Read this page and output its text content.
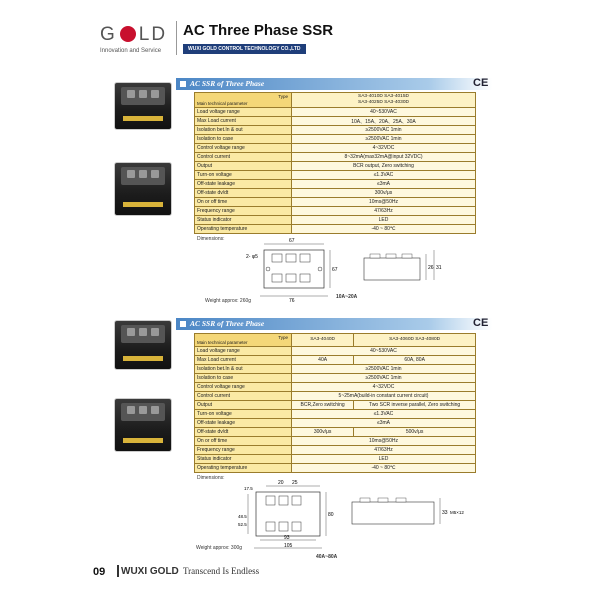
G LD
Innovation and Service
AC Three Phase SSR
WUXI GOLD CONTROL TECHNOLOGY CO.,LTD
AC SSR of Three Phase	CE
Type
Main technical parameter	SA3-4010D SA3-4015D
SA3-4025D SA3-4030D
Load voltage range	40~530VAC
Max Load current	10A、15A、20A、25A、30A
Isolation bet.In & out	≥2500VAC 1min
Isolation to case	≥2500VAC 1min
Control voltage range	4~32VDC
Control current	8~32mA(max32mA@input 32VDC)
Output	BCR output, Zero switching
Turn-on voltage	≤1.3VAC
Off-state leakage	≤3mA
Off-state dv/dt	300v/μs
On or off time	10ms@50Hz
Frequency range	47/63Hz
Status indicator	LED
Operating temperature	-40 ~ 80℃
Dimensions:	67
67
76
2- φ5
26 31
10A~20A
Weight approx: 260g
AC SSR of Three Phase	CE
Type
Main technical parameter	SA3-4040D	SA3-4060D SA3-4080D
Load voltage range	40~530VAC	
Max Load current	40A	60A, 80A
Isolation bet.In & out	≥2500VAC 1min	
Isolation to case	≥2500VAC 1min	
Control voltage range	4~32VDC	
Control current	5~25mA(build-in constant current circuit)	
Output	BCR,Zero switching	Two SCR inverse parallel, Zero switching
Turn-on voltage	≤1.3VAC	
Off-state leakage	≤3mA	
Off-state dv/dt	300v/μs	500v/μs
On or off time	10ms@50Hz	
Frequency range	47/63Hz	
Status indicator	LED	
Operating temperature	-40 ~ 80℃	
Dimensions:
20 25
17.5
48.5
52.5
80
93
105
33 M5×12
40A~80A
Weight approx: 300g
09 WUXI GOLD Transcend Is Endless
